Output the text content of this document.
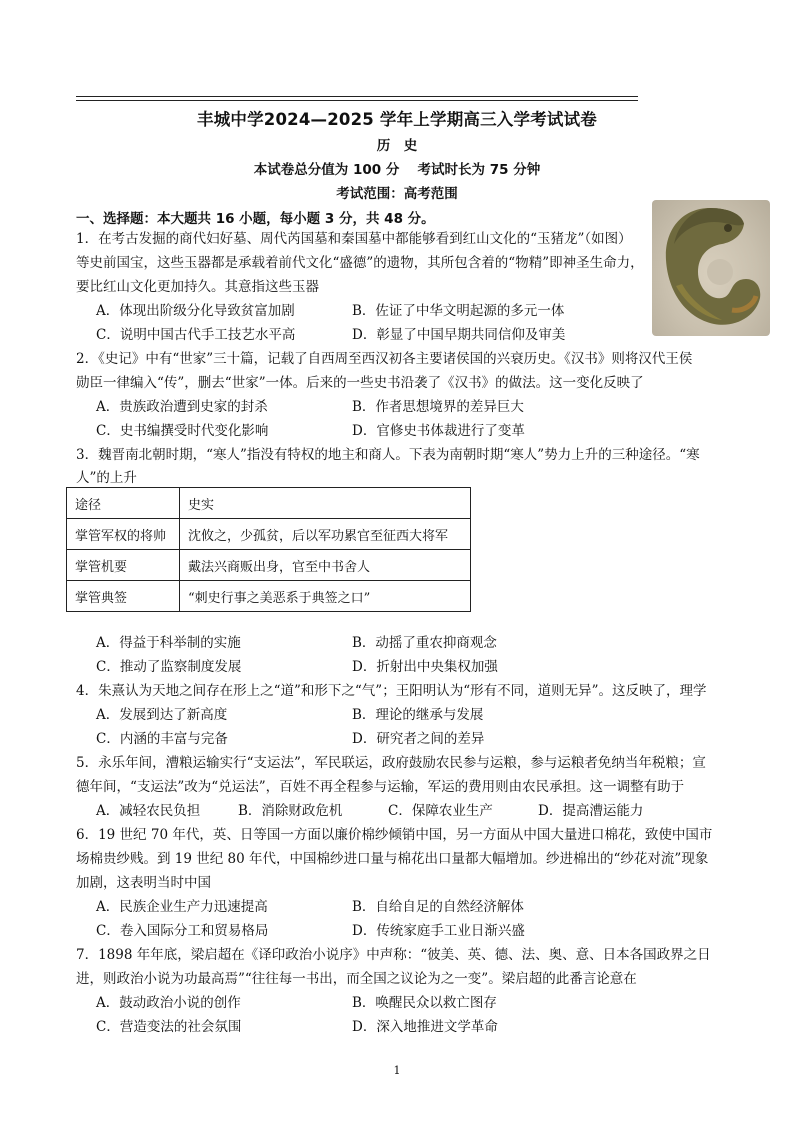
丰城中学2024—2025 学年上学期高三入学考试试卷
历　史
本试卷总分值为 100 分　 考试时长为 75 分钟
考试范围：高考范围
一、选择题：本大题共 16 小题，每小题 3 分，共 48 分。
1．在考古发掘的商代妇好墓、周代芮国墓和秦国墓中都能够看到红山文化的“玉猪龙”（如图）
等史前国宝，这些玉器都是承载着前代文化“盛德”的遗物，其所包含着的“物精”即神圣生命力，
要比红山文化更加持久。其意指这些玉器
A．体现出阶级分化导致贫富加剧	B．佐证了中华文明起源的多元一体
C．说明中国古代手工技艺水平高	D．彰显了中国早期共同信仰及审美
2．《史记》中有“世家”三十篇，记载了自西周至西汉初各主要诸侯国的兴衰历史。《汉书》则将汉代王侯
勋臣一律编入“传”，删去“世家”一体。后来的一些史书沿袭了《汉书》的做法。这一变化反映了
A．贵族政治遭到史家的封杀	B．作者思想境界的差异巨大
C．史书编撰受时代变化影响	D．官修史书体裁进行了变革
3．魏晋南北朝时期，“寒人”指没有特权的地主和商人。下表为南朝时期“寒人”势力上升的三种途径。“寒
人”的上升
途径	史实
掌管军权的将帅	沈攸之，少孤贫，后以军功累官至征西大将军
掌管机要	戴法兴商贩出身，官至中书舍人
掌管典签	“刺史行事之美恶系于典签之口”
A．得益于科举制的实施	B．动摇了重农抑商观念
C．推动了监察制度发展	D．折射出中央集权加强
4．朱熹认为天地之间存在形上之“道”和形下之“气”；王阳明认为“形有不同，道则无异”。这反映了，理学
A．发展到达了新高度	B．理论的继承与发展
C．内涵的丰富与完备	D．研究者之间的差异
5．永乐年间，漕粮运输实行“支运法”，军民联运，政府鼓励农民参与运粮，参与运粮者免纳当年税粮；宣
德年间，“支运法”改为“兑运法”，百姓不再全程参与运输，军运的费用则由农民承担。这一调整有助于
A．减轻农民负担	B．消除财政危机	C．保障农业生产	D．提高漕运能力
6．19 世纪 70 年代，英、日等国一方面以廉价棉纱倾销中国，另一方面从中国大量进口棉花，致使中国市
场棉贵纱贱。到 19 世纪 80 年代，中国棉纱进口量与棉花出口量都大幅增加。纱进棉出的“纱花对流”现象
加剧，这表明当时中国
A．民族企业生产力迅速提高	B．自给自足的自然经济解体
C．卷入国际分工和贸易格局	D．传统家庭手工业日渐兴盛
7．1898 年年底，梁启超在《译印政治小说序》中声称：“彼美、英、德、法、奥、意、日本各国政界之日
进，则政治小说为功最高焉”“往往每一书出，而全国之议论为之一变”。梁启超的此番言论意在
A．鼓动政治小说的创作	B．唤醒民众以救亡图存
C．营造变法的社会氛围	D．深入地推进文学革命
1
